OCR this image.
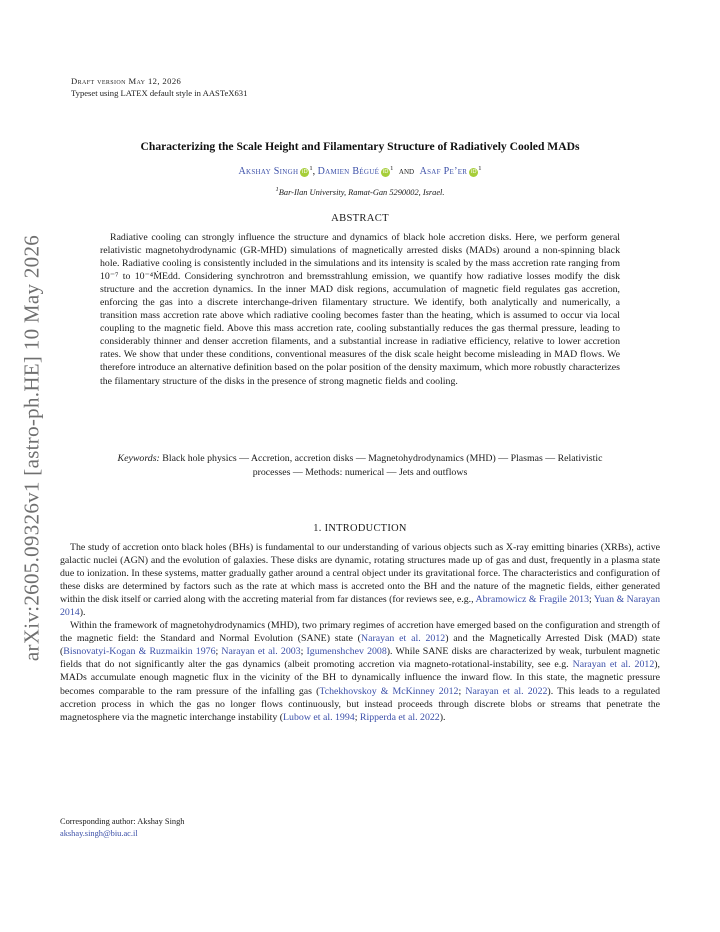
arXiv:2605.09326v1 [astro-ph.HE] 10 May 2026
Draft version May 12, 2026
Typeset using LATEX default style in AASTeX631
Characterizing the Scale Height and Filamentary Structure of Radiatively Cooled MADs
Akshay Singh iD $^1$, Damien Bégué iD $^1$ and Asaf Pe’er iD $^1$
$^1$Bar-Ilan University, Ramat-Gan 5290002, Israel.
ABSTRACT

Radiative cooling can strongly influence the structure and dynamics of black hole accretion disks. Here, we perform general relativistic magnetohydrodynamic (GR-MHD) simulations of magnetically arrested disks (MADs) around a non-spinning black hole. Radiative cooling is consistently included in the simulations and its intensity is scaled by the mass accretion rate ranging from 10⁻⁷ to 10⁻⁴ṀEdd. Considering synchrotron and bremsstrahlung emission, we quantify how radiative losses modify the disk structure and the accretion dynamics. In the inner MAD disk regions, accumulation of magnetic field regulates gas accretion, enforcing the gas into a discrete interchange-driven filamentary structure. We identify, both analytically and numerically, a transition mass accretion rate above which radiative cooling becomes faster than the heating, which is assumed to occur via local coupling to the magnetic field. Above this mass accretion rate, cooling substantially reduces the gas thermal pressure, leading to considerably thinner and denser accretion filaments, and a substantial increase in radiative efficiency, relative to lower accretion rates. We show that under these conditions, conventional measures of the disk scale height become misleading in MAD flows. We therefore introduce an alternative definition based on the polar position of the density maximum, which more robustly characterizes the filamentary structure of the disks in the presence of strong magnetic fields and cooling.

Keywords: Black hole physics — Accretion, accretion disks — Magnetohydrodynamics (MHD) — Plasmas — Relativistic processes — Methods: numerical — Jets and outflows
1. INTRODUCTION

The study of accretion onto black holes (BHs) is fundamental to our understanding of various objects such as X-ray emitting binaries (XRBs), active galactic nuclei (AGN) and the evolution of galaxies. These disks are dynamic, rotating structures made up of gas and dust, frequently in a plasma state due to ionization. In these systems, matter gradually gather around a central object under its gravitational force. The characteristics and configuration of these disks are determined by factors such as the rate at which mass is accreted onto the BH and the nature of the magnetic fields, either generated within the disk itself or carried along with the accreting material from far distances (for reviews see, e.g., Abramowicz & Fragile 2013; Yuan & Narayan 2014).

Within the framework of magnetohydrodynamics (MHD), two primary regimes of accretion have emerged based on the configuration and strength of the magnetic field: the Standard and Normal Evolution (SANE) state (Narayan et al. 2012) and the Magnetically Arrested Disk (MAD) state (Bisnovatyi-Kogan & Ruzmaikin 1976; Narayan et al. 2003; Igumenshchev 2008). While SANE disks are characterized by weak, turbulent magnetic fields that do not significantly alter the gas dynamics (albeit promoting accretion via magneto-rotational-instability, see e.g. Narayan et al. 2012), MADs accumulate enough magnetic flux in the vicinity of the BH to dynamically influence the inward flow. In this state, the magnetic pressure becomes comparable to the ram pressure of the infalling gas (Tchekhovskoy & McKinney 2012; Narayan et al. 2022). This leads to a regulated accretion process in which the gas no longer flows continuously, but instead proceeds through discrete blobs or streams that penetrate the magnetosphere via the magnetic interchange instability (Lubow et al. 1994; Ripperda et al. 2022).

Corresponding author: Akshay Singh
akshay.singh@biu.ac.il
